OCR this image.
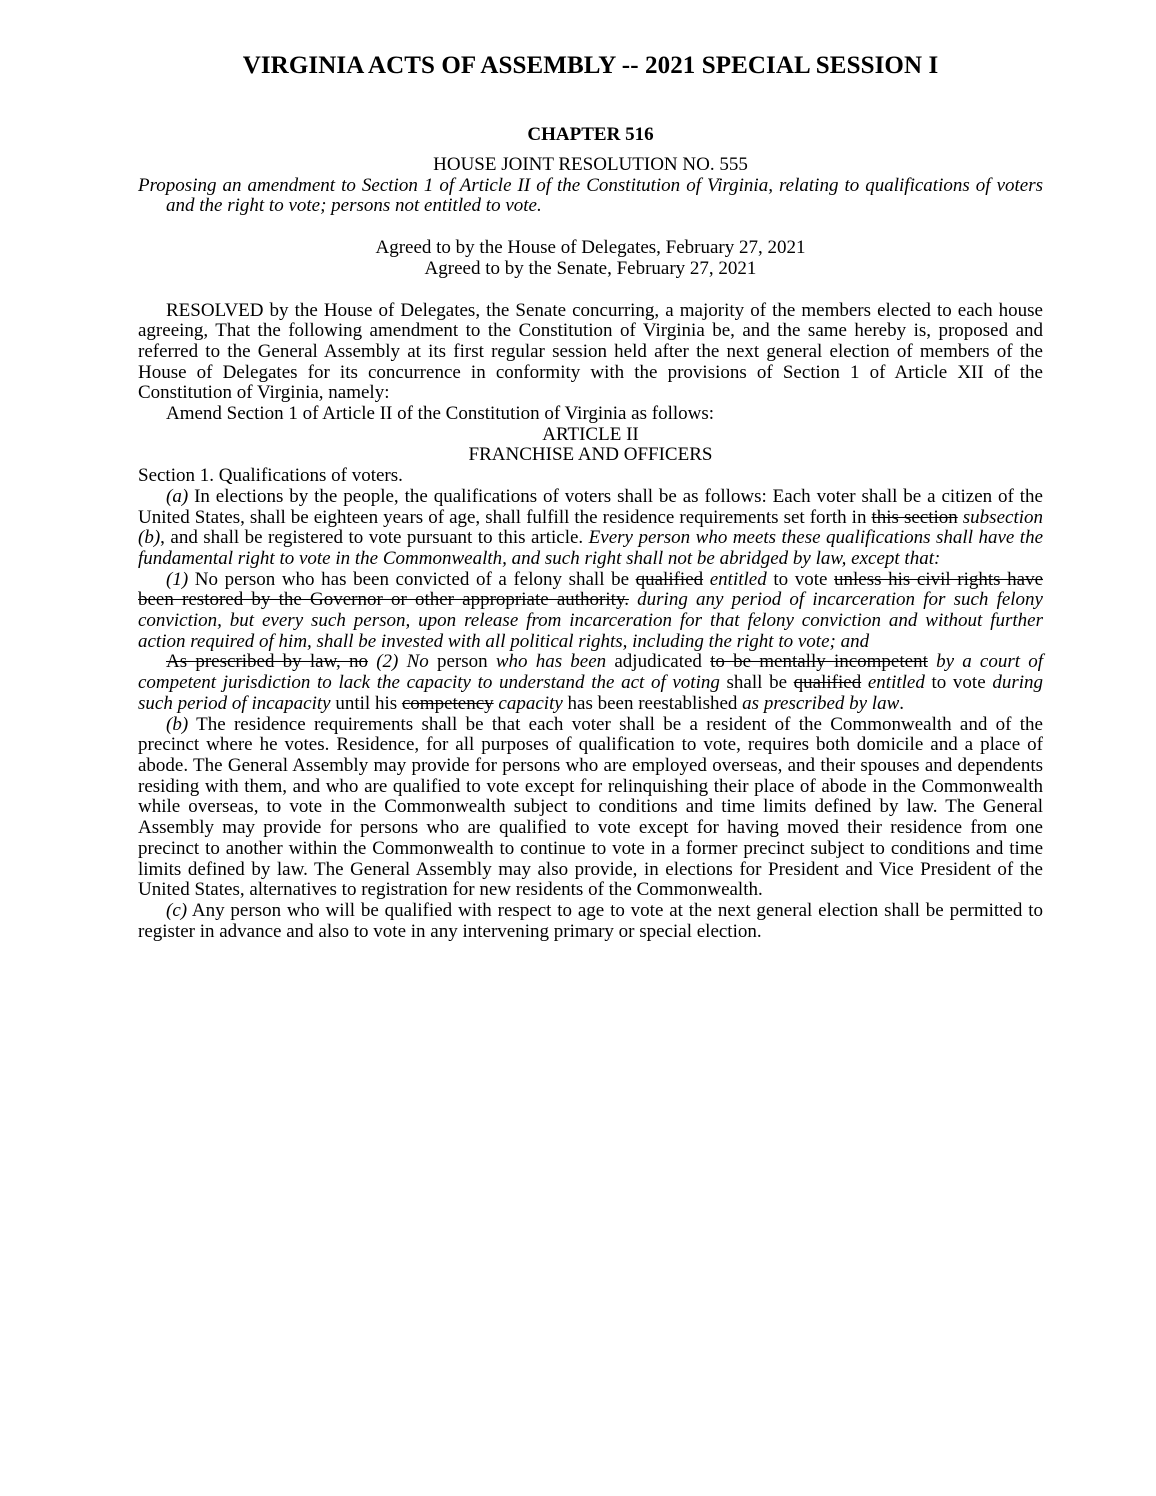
VIRGINIA ACTS OF ASSEMBLY -- 2021 SPECIAL SESSION I
CHAPTER 516
HOUSE JOINT RESOLUTION NO. 555
Proposing an amendment to Section 1 of Article II of the Constitution of Virginia, relating to qualifications of voters and the right to vote; persons not entitled to vote.
Agreed to by the House of Delegates, February 27, 2021
Agreed to by the Senate, February 27, 2021

RESOLVED by the House of Delegates, the Senate concurring, a majority of the members elected to each house agreeing, That the following amendment to the Constitution of Virginia be, and the same hereby is, proposed and referred to the General Assembly at its first regular session held after the next general election of members of the House of Delegates for its concurrence in conformity with the provisions of Section 1 of Article XII of the Constitution of Virginia, namely:

Amend Section 1 of Article II of the Constitution of Virginia as follows:

ARTICLE II
FRANCHISE AND OFFICERS

Section 1. Qualifications of voters.

(a) In elections by the people, the qualifications of voters shall be as follows: Each voter shall be a citizen of the United States, shall be eighteen years of age, shall fulfill the residence requirements set forth in this section subsection (b), and shall be registered to vote pursuant to this article. Every person who meets these qualifications shall have the fundamental right to vote in the Commonwealth, and such right shall not be abridged by law, except that:

(1) No person who has been convicted of a felony shall be qualified entitled to vote unless his civil rights have been restored by the Governor or other appropriate authority. during any period of incarceration for such felony conviction, but every such person, upon release from incarceration for that felony conviction and without further action required of him, shall be invested with all political rights, including the right to vote; and

As prescribed by law, no (2) No person who has been adjudicated to be mentally incompetent by a court of competent jurisdiction to lack the capacity to understand the act of voting shall be qualified entitled to vote during such period of incapacity until his competency capacity has been reestablished as prescribed by law.

(b) The residence requirements shall be that each voter shall be a resident of the Commonwealth and of the precinct where he votes. Residence, for all purposes of qualification to vote, requires both domicile and a place of abode. The General Assembly may provide for persons who are employed overseas, and their spouses and dependents residing with them, and who are qualified to vote except for relinquishing their place of abode in the Commonwealth while overseas, to vote in the Commonwealth subject to conditions and time limits defined by law. The General Assembly may provide for persons who are qualified to vote except for having moved their residence from one precinct to another within the Commonwealth to continue to vote in a former precinct subject to conditions and time limits defined by law. The General Assembly may also provide, in elections for President and Vice President of the United States, alternatives to registration for new residents of the Commonwealth.

(c) Any person who will be qualified with respect to age to vote at the next general election shall be permitted to register in advance and also to vote in any intervening primary or special election.
